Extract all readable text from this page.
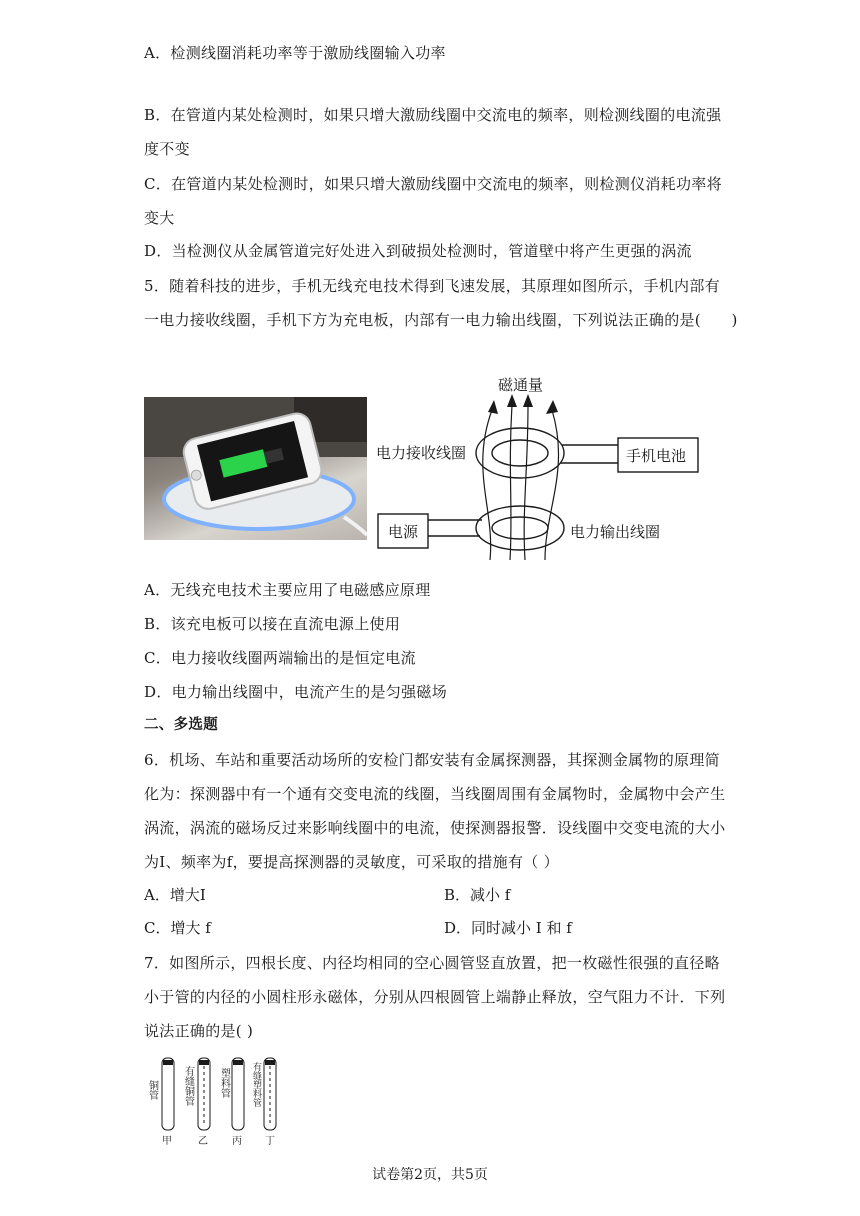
A．检测线圈消耗功率等于激励线圈输入功率
B．在管道内某处检测时，如果只增大激励线圈中交流电的频率，则检测线圈的电流强
度不变
C．在管道内某处检测时，如果只增大激励线圈中交流电的频率，则检测仪消耗功率将
变大
D．当检测仪从金属管道完好处进入到破损处检测时，管道壁中将产生更强的涡流
5．随着科技的进步，手机无线充电技术得到飞速发展，其原理如图所示，手机内部有
一电力接收线圈，手机下方为充电板，内部有一电力输出线圈，下列说法正确的是(　　)
磁通量
手机电池
电力接收线圈
电源	电力输出线圈
A．无线充电技术主要应用了电磁感应原理
B．该充电板可以接在直流电源上使用
C．电力接收线圈两端输出的是恒定电流
D．电力输出线圈中，电流产生的是匀强磁场
二、多选题
6．机场、车站和重要活动场所的安检门都安装有金属探测器，其探测金属物的原理简
化为：探测器中有一个通有交变电流的线圈，当线圈周围有金属物时，金属物中会产生
涡流，涡流的磁场反过来影响线圈中的电流，使探测器报警．设线圈中交变电流的大小
为I、频率为f，要提高探测器的灵敏度，可采取的措施有（ ）
A．增大I	B．减小 f
C．增大 f	D．同时减小 I 和 f
7．如图所示，四根长度、内径均相同的空心圆管竖直放置，把一枚磁性很强的直径略
小于管的内径的小圆柱形永磁体，分别从四根圆管上端静止释放，空气阻力不计．下列
说法正确的是( )
铜管	有缝铜管	塑料管 有缝塑料管
甲	乙 丙 丁
试卷第2页，共5页
